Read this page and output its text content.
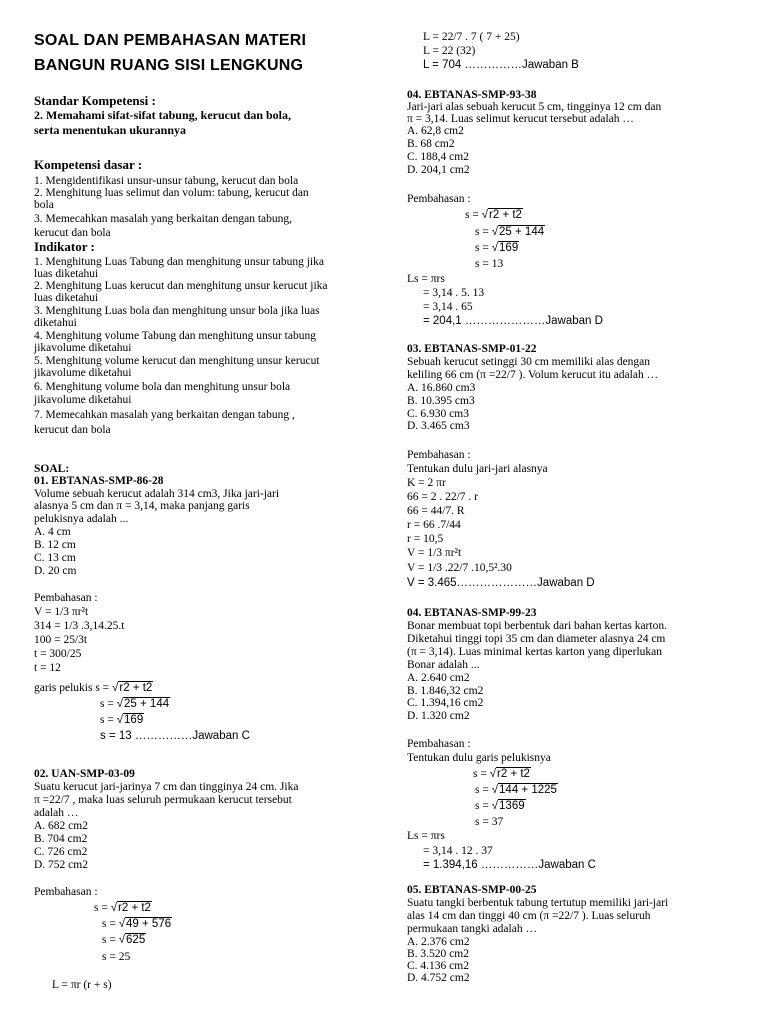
SOAL DAN PEMBAHASAN MATERI
BANGUN RUANG SISI LENGKUNG
Standar Kompetensi :
2. Memahami sifat-sifat tabung, kerucut dan bola,
serta menentukan ukurannya
Kompetensi dasar :
1. Mengidentifikasi unsur-unsur tabung, kerucut dan bola
2. Menghitung luas selimut dan volum: tabung, kerucut dan
bola
3. Memecahkan masalah yang berkaitan dengan tabung,
kerucut dan bola
Indikator :
1. Menghitung Luas Tabung dan menghitung unsur tabung jika
luas diketahui
2. Menghitung Luas kerucut dan menghitung unsur kerucut jika
luas diketahui
3. Menghitung Luas bola dan menghitung unsur bola jika luas
diketahui
4. Menghitung volume Tabung dan menghitung unsur tabung
jikavolume diketahui
5. Menghitung volume kerucut dan menghitung unsur kerucut
jikavolume diketahui
6. Menghitung volume bola dan menghitung unsur bola
jikavolume diketahui
7. Memecahkan masalah yang berkaitan dengan tabung ,
kerucut dan bola
SOAL:
01. EBTANAS-SMP-86-28
Volume sebuah kerucut adalah 314 cm3, Jika jari-jari
alasnya 5 cm dan π = 3,14, maka panjang garis
pelukisnya adalah ...
A. 4 cm
B. 12 cm
C. 13 cm
D. 20 cm
Pembahasan :
V = 1/3 πr²t
314 = 1/3 .3,14.25.t
100 = 25/3t
t = 300/25
t = 12
garis pelukis s = √ r2 + t2
s = √ 25 + 144
s = √ 169
s = 13 ……………Jawaban C
02. UAN-SMP-03-09
Suatu kerucut jari-jarinya 7 cm dan tingginya 24 cm. Jika
π =22/7 , maka luas seluruh permukaan kerucut tersebut
adalah …
A. 682 cm2
B. 704 cm2
C. 726 cm2
D. 752 cm2
Pembahasan :
s = √ r2 + t2
s = √ 49 + 576
s = √ 625
s = 25
L = πr (r + s)
L = 22/7 . 7 ( 7 + 25)
L = 22 (32)
L = 704 ……………Jawaban B
04. EBTANAS-SMP-93-38
Jari-jari alas sebuah kerucut 5 cm, tingginya 12 cm dan
π = 3,14. Luas selimut kerucut tersebut adalah …
A. 62,8 cm2
B. 68 cm2
C. 188,4 cm2
D. 204,1 cm2
Pembahasan :
s = √ r2 + t2
s = √ 25 + 144
s = √ 169
s = 13
Ls = πrs
= 3,14 . 5. 13
= 3,14 . 65
= 204,1 …………………Jawaban D
03. EBTANAS-SMP-01-22
Sebuah kerucut setinggi 30 cm memiliki alas dengan
keliling 66 cm (π =22/7 ). Volum kerucut itu adalah …
A. 16.860 cm3
B. 10.395 cm3
C. 6.930 cm3
D. 3.465 cm3
Pembahasan :
Tentukan dulu jari-jari alasnya
K = 2 πr
66 = 2 . 22/7 . r
66 = 44/7. R
r = 66 .7/44
r = 10,5
V = 1/3 πr²t
V = 1/3 .22/7 .10,5².30
V = 3.465…………………Jawaban D
04. EBTANAS-SMP-99-23
Bonar membuat topi berbentuk dari bahan kertas karton.
Diketahui tinggi topi 35 cm dan diameter alasnya 24 cm
(π = 3,14). Luas minimal kertas karton yang diperlukan
Bonar adalah ...
A. 2.640 cm2
B. 1.846,32 cm2
C. 1.394,16 cm2
D. 1.320 cm2
Pembahasan :
Tentukan dulu garis pelukisnya
s = √ r2 + t2
s = √ 144 + 1225
s = √ 1369
s = 37
Ls = πrs
= 3,14 . 12 . 37
= 1.394,16 ……………Jawaban C
05. EBTANAS-SMP-00-25
Suatu tangki berbentuk tabung tertutup memiliki jari-jari
alas 14 cm dan tinggi 40 cm (π =22/7 ). Luas seluruh
permukaan tangki adalah …
A. 2.376 cm2
B. 3.520 cm2
C. 4.136 cm2
D. 4.752 cm2
